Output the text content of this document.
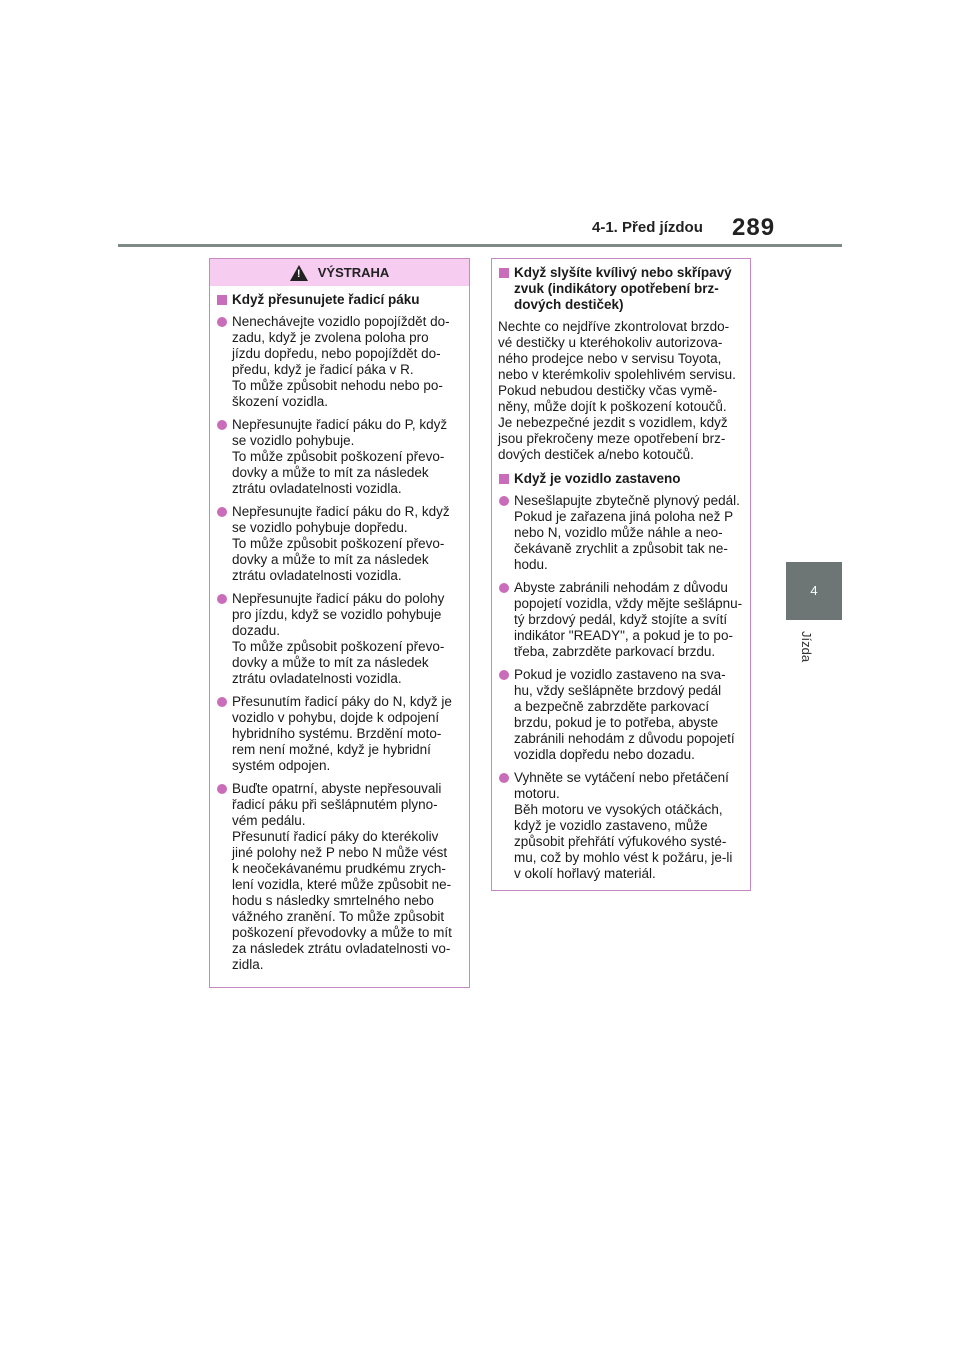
4-1. Před jízdou 289
4
Jízda
! VÝSTRAHA
Když přesunujete řadicí páku
Nenechávejte vozidlo popojíždět do-
zadu, když je zvolena poloha pro
jízdu dopředu, nebo popojíždět do-
předu, když je řadicí páka v R.
To může způsobit nehodu nebo po-
škození vozidla.
Nepřesunujte řadicí páku do P, když
se vozidlo pohybuje.
To může způsobit poškození převo-
dovky a může to mít za následek
ztrátu ovladatelnosti vozidla.
Nepřesunujte řadicí páku do R, když
se vozidlo pohybuje dopředu.
To může způsobit poškození převo-
dovky a může to mít za následek
ztrátu ovladatelnosti vozidla.
Nepřesunujte řadicí páku do polohy
pro jízdu, když se vozidlo pohybuje
dozadu.
To může způsobit poškození převo-
dovky a může to mít za následek
ztrátu ovladatelnosti vozidla.
Přesunutím řadicí páky do N, když je
vozidlo v pohybu, dojde k odpojení
hybridního systému. Brzdění moto-
rem není možné, když je hybridní
systém odpojen.
Buďte opatrní, abyste nepřesouvali
řadicí páku při sešlápnutém plyno-
vém pedálu.
Přesunutí řadicí páky do kterékoliv
jiné polohy než P nebo N může vést
k neočekávanému prudkému zrych-
lení vozidla, které může způsobit ne-
hodu s následky smrtelného nebo
vážného zranění. To může způsobit
poškození převodovky a může to mít
za následek ztrátu ovladatelnosti vo-
zidla.
Když slyšíte kvílivý nebo skřípavý
zvuk (indikátory opotřebení brz-
dových destiček)
Nechte co nejdříve zkontrolovat brzdo-
vé destičky u kteréhokoliv autorizova-
ného prodejce nebo v servisu Toyota,
nebo v kterémkoliv spolehlivém servisu.
Pokud nebudou destičky včas vymě-
něny, může dojít k poškození kotoučů.
Je nebezpečné jezdit s vozidlem, když
jsou překročeny meze opotřebení brz-
dových destiček a/nebo kotoučů.
Když je vozidlo zastaveno
Nesešlapujte zbytečně plynový pedál.
Pokud je zařazena jiná poloha než P
nebo N, vozidlo může náhle a neo-
čekávaně zrychlit a způsobit tak ne-
hodu.
Abyste zabránili nehodám z důvodu
popojetí vozidla, vždy mějte sešlápnu-
tý brzdový pedál, když stojíte a svítí
indikátor "READY", a pokud je to po-
třeba, zabrzděte parkovací brzdu.
Pokud je vozidlo zastaveno na sva-
hu, vždy sešlápněte brzdový pedál
a bezpečně zabrzděte parkovací
brzdu, pokud je to potřeba, abyste
zabránili nehodám z důvodu popojetí
vozidla dopředu nebo dozadu.
Vyhněte se vytáčení nebo přetáčení
motoru.
Běh motoru ve vysokých otáčkách,
když je vozidlo zastaveno, může
způsobit přehřátí výfukového systé-
mu, což by mohlo vést k požáru, je-li
v okolí hořlavý materiál.
